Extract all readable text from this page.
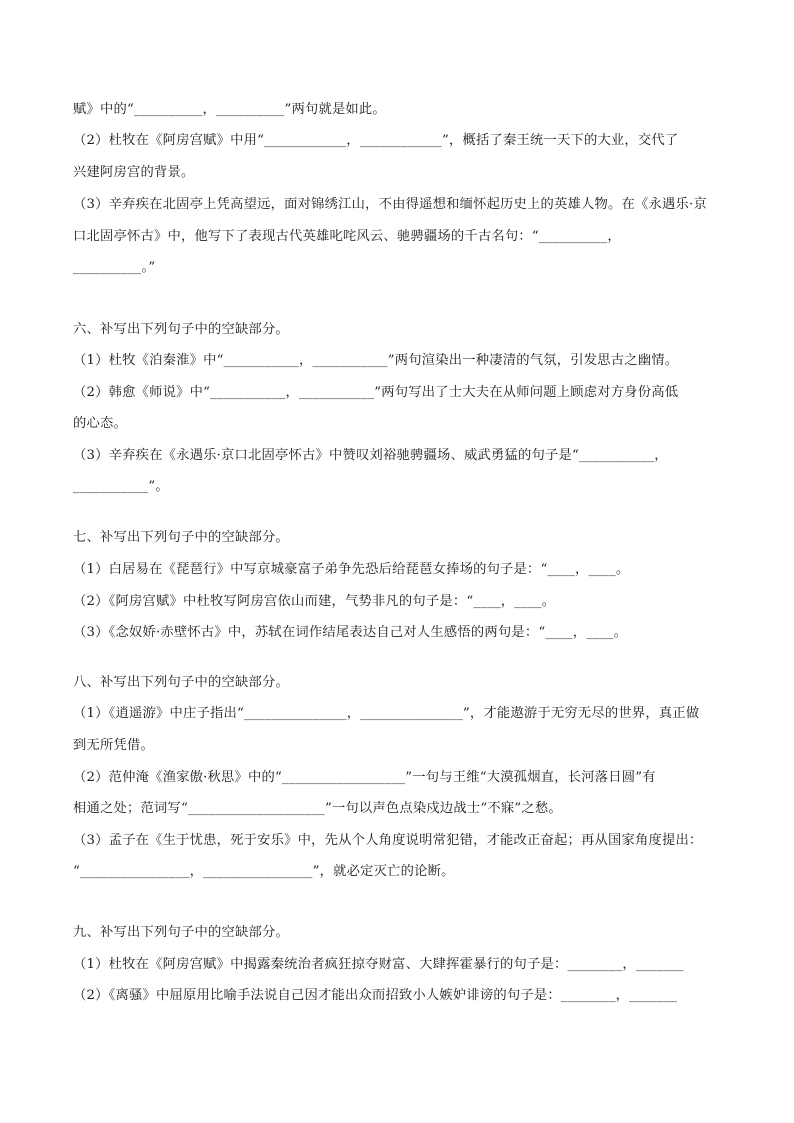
赋》中的“__________，__________”两句就是如此。
（2）杜牧在《阿房宫赋》中用“____________，____________”，概括了秦王统一天下的大业，交代了
兴建阿房宫的背景。
（3）辛弃疾在北固亭上凭高望远，面对锦绣江山，不由得遥想和缅怀起历史上的英雄人物。在《永遇乐·京
口北固亭怀古》中，他写下了表现古代英雄叱咤风云、驰骋疆场的千古名句：“__________，
__________。”
六、补写出下列句子中的空缺部分。
（1）杜牧《泊秦淮》中“___________，___________”两句渲染出一种凄清的气氛，引发思古之幽情。
（2）韩愈《师说》中“___________，___________”两句写出了士大夫在从师问题上顾虑对方身份高低
的心态。
（3）辛弃疾在《永遇乐·京口北固亭怀古》中赞叹刘裕驰骋疆场、威武勇猛的句子是“___________，
___________”。
七、补写出下列句子中的空缺部分。
（1）白居易在《琵琶行》中写京城豪富子弟争先恐后给琵琶女捧场的句子是：“____，____。
（2）《阿房宫赋》中杜牧写阿房宫依山而建，气势非凡的句子是：“____，____。
（3）《念奴娇·赤壁怀古》中，苏轼在词作结尾表达自己对人生感悟的两句是：“____，____。
八、补写出下列句子中的空缺部分。
（1）《逍遥游》中庄子指出“_______________，_______________”，才能遨游于无穷无尽的世界，真正做
到无所凭借。
（2）范仲淹《渔家傲·秋思》中的“__________________”一句与王维“大漠孤烟直，长河落日圆”有
相通之处；范词写“____________________”一句以声色点染戍边战士“不寐”之愁。
（3）孟子在《生于忧患，死于安乐》中，先从个人角度说明常犯错，才能改正奋起；再从国家角度提出：
“________________，________________”，就必定灭亡的论断。
九、补写出下列句子中的空缺部分。
（1）杜牧在《阿房宫赋》中揭露秦统治者疯狂掠夺财富、大肆挥霍暴行的句子是：________，_______
（2）《离骚》中屈原用比喻手法说自己因才能出众而招致小人嫉妒诽谤的句子是：________，_______
